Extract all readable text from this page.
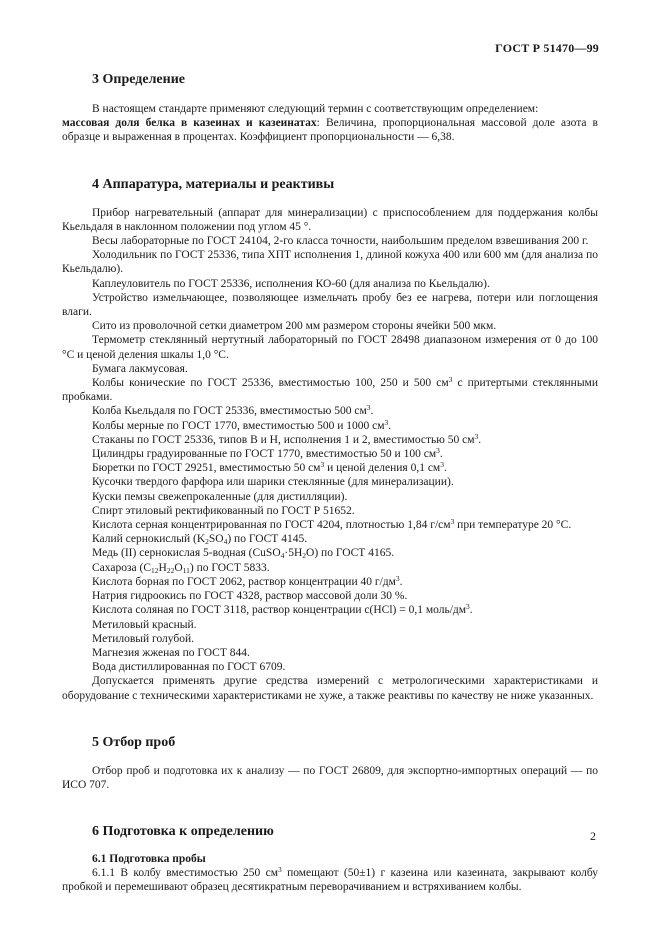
ГОСТ Р 51470—99
3 Определение

В настоящем стандарте применяют следующий термин с соответствующим определением:

массовая доля белка в казеинах и казеинатах: Величина, пропорциональная массовой доле азота в образце и выраженная в процентах. Коэффициент пропорциональности — 6,38.

4 Аппаратура, материалы и реактивы

Прибор нагревательный (аппарат для минерализации) с приспособлением для поддержания колбы Кьельдаля в наклонном положении под углом 45 °.

Весы лабораторные по ГОСТ 24104, 2-го класса точности, наибольшим пределом взвешивания 200 г.

Холодильник по ГОСТ 25336, типа ХПТ исполнения 1, длиной кожуха 400 или 600 мм (для анализа по Кьельдалю).

Каплеуловитель по ГОСТ 25336, исполнения КО-60 (для анализа по Кьельдалю).

Устройство измельчающее, позволяющее измельчать пробу без ее нагрева, потери или поглощения влаги.

Сито из проволочной сетки диаметром 200 мм размером стороны ячейки 500 мкм.

Термометр стеклянный нертутный лабораторный по ГОСТ 28498 диапазоном измерения от 0 до 100 °С и ценой деления шкалы 1,0 °С.

Бумага лакмусовая.

Колбы конические по ГОСТ 25336, вместимостью 100, 250 и 500 $см^3$ с притертыми стеклянными пробками.

Колба Кьельдаля по ГОСТ 25336, вместимостью 500 $см^3$.

Колбы мерные по ГОСТ 1770, вместимостью 500 и 1000 $см^3$.

Стаканы по ГОСТ 25336, типов В и Н, исполнения 1 и 2, вместимостью 50 $см^3$.

Цилиндры градуированные по ГОСТ 1770, вместимостью 50 и 100 $см^3$.

Бюретки по ГОСТ 29251, вместимостью 50 $см^3$ и ценой деления 0,1 $см^3$.

Кусочки твердого фарфора или шарики стеклянные (для минерализации).

Куски пемзы свежепрокаленные (для дистилляции).

Спирт этиловый ректификованный по ГОСТ Р 51652.

Кислота серная концентрированная по ГОСТ 4204, плотностью 1,84 $г/см^3$ при температуре 20 °С.

Калий сернокислый $(K_2SO_4)$ по ГОСТ 4145.

Медь (II) сернокислая 5-водная $(CuSO_4\cdot 5H_2O)$ по ГОСТ 4165.

Сахароза $(C_{12}H_{22}O_{11})$ по ГОСТ 5833.

Кислота борная по ГОСТ 2062, раствор концентрации 40 $г/дм^3$.

Натрия гидроокись по ГОСТ 4328, раствор массовой доли 30 %.

Кислота соляная по ГОСТ 3118, раствор концентрации c(HCl) = 0,1 моль/$дм^3$.

Метиловый красный.

Метиловый голубой.

Магнезия жженая по ГОСТ 844.

Вода дистиллированная по ГОСТ 6709.

Допускается применять другие средства измерений с метрологическими характеристиками и оборудование с техническими характеристиками не хуже, а также реактивы по качеству не ниже указанных.

5 Отбор проб

Отбор проб и подготовка их к анализу — по ГОСТ 26809, для экспортно-импортных операций — по ИСО 707.

6 Подготовка к определению
6.1 Подготовка пробы

6.1.1 В колбу вместимостью 250 $см^3$ помещают (50±1) г казеина или казеината, закрывают колбу пробкой и перемешивают образец десятикратным переворачиванием и встряхиванием колбы.

2
